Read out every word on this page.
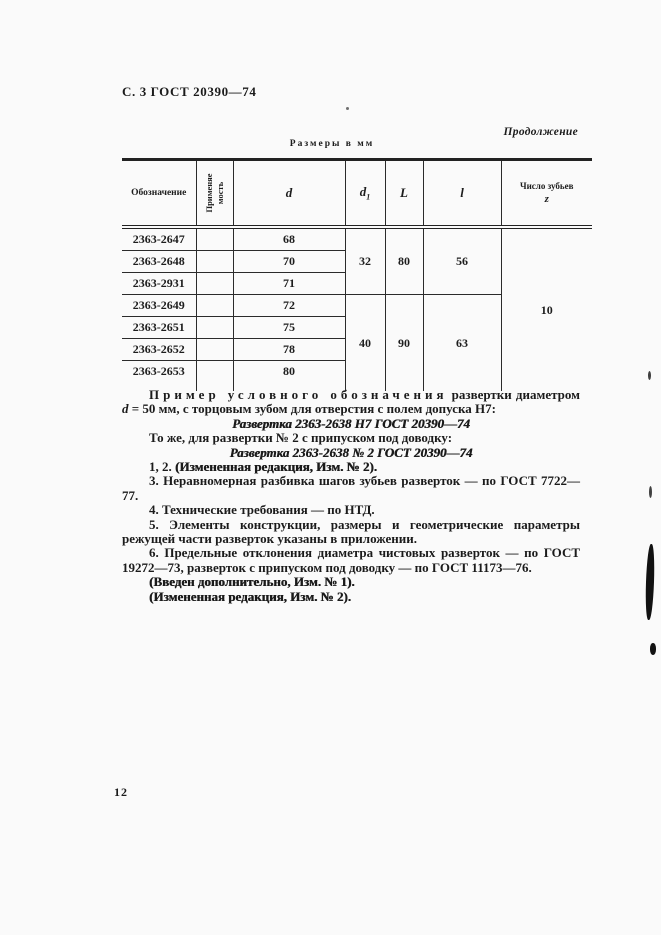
С. 3 ГОСТ 20390—74
Продолжение
Размеры в мм
Обозначение	Применяе мость	d	$d_1$	L	l	Число зубьев
z

2363-2647		68	32	80	56	10
2363-2648		70				
2363-2931		71				
2363-2649		72	40	90	63	
2363-2651		75				
2363-2652		78				
2363-2653		80				

Пример условного обозначения развертки диаметром d = 50 мм, с торцовым зубом для отверстия с полем допуска Н7:

Развертка 2363-2638 Н7 ГОСТ 20390—74

То же, для развертки № 2 с припуском под доводку:

Развертка 2363-2638 № 2 ГОСТ 20390—74
1, 2. (Измененная редакция, Изм. № 2).
3. Неравномерная разбивка шагов зубьев разверток — по ГОСТ 7722—77.
4. Технические требования — по НТД.
5. Элементы конструкции, размеры и геометрические параметры режущей части разверток указаны в приложении.
6. Предельные отклонения диаметра чистовых разверток — по ГОСТ 19272—73, разверток с припуском под доводку — по ГОСТ 11173—76.
(Введен дополнительно, Изм. № 1).
(Измененная редакция, Изм. № 2).
12
